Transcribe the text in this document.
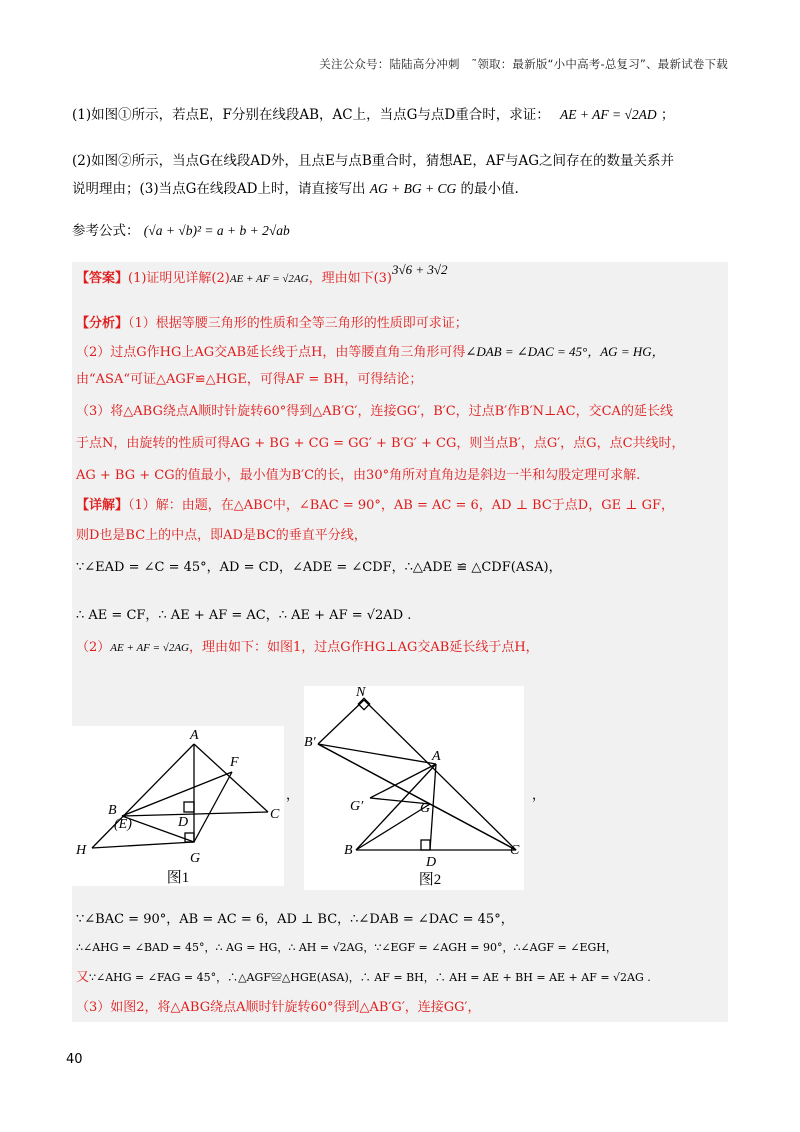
关注公众号：陆陆高分冲刺　˜领取：最新版“小中高考-总复习”、最新试卷下载
(1)如图①所示，若点E，F分别在线段AB，AC上，当点G与点D重合时，求证： AE + AF = √2AD ；
(2)如图②所示，当点G在线段AD外，且点E与点B重合时，猜想AE，AF与AG之间存在的数量关系并
说明理由；(3)当点G在线段AD上时，请直接写出 AG + BG + CG 的最小值.
参考公式： (√a + √b)² = a + b + 2√ab
【答案】(1)证明见详解(2)AE + AF = √2AG，理由如下(3)3√6 + 3√2
【分析】（1）根据等腰三角形的性质和全等三角形的性质即可求证；
（2）过点G作HG上AG交AB延长线于点H，由等腰直角三角形可得∠DAB = ∠DAC = 45°，AG = HG，
由“ASA“可证△AGF≌△HGE，可得AF = BH，可得结论；
（3）将△ABG绕点A顺时针旋转60°得到△AB′G′，连接GG′，B′C，过点B′作B′N⊥AC，交CA的延长线
于点N，由旋转的性质可得AG + BG + CG = GG′ + B′G′ + CG，则当点B′，点G′，点G，点C共线时，
AG + BG + CG的值最小，最小值为B′C的长，由30°角所对直角边是斜边一半和勾股定理可求解.
【详解】（1）解：由题，在△ABC中，∠BAC = 90°，AB = AC = 6，AD ⊥ BC于点D，GE ⊥ GF，
则D也是BC上的中点，即AD是BC的垂直平分线，
∵∠EAD = ∠C = 45°，AD = CD，∠ADE = ∠CDF，∴△ADE ≌ △CDF(ASA)，
∴ AE = CF，∴ AE + AF = AC，∴ AE + AF = √2AD .
（2）AE + AF = √2AG，理由如下：如图1，过点G作HG⊥AG交AB延长线于点H，
A
F
B
(E)	D
C
H
G
图1
，
N
B′
A
G′	G
B
D
C
图2
，
∵∠BAC = 90°，AB = AC = 6，AD ⊥ BC，∴∠DAB = ∠DAC = 45°，
∴∠AHG = ∠BAD = 45°，∴ AG = HG，∴ AH = √2AG，∵∠EGF = ∠AGH = 90°，∴∠AGF = ∠EGH，
又∵∠AHG = ∠FAG = 45°，∴△AGF≌△HGE(ASA)，∴ AF = BH，∴ AH = AE + BH = AE + AF = √2AG .
（3）如图2，将△ABG绕点A顺时针旋转60°得到△AB′G′，连接GG′，
40
